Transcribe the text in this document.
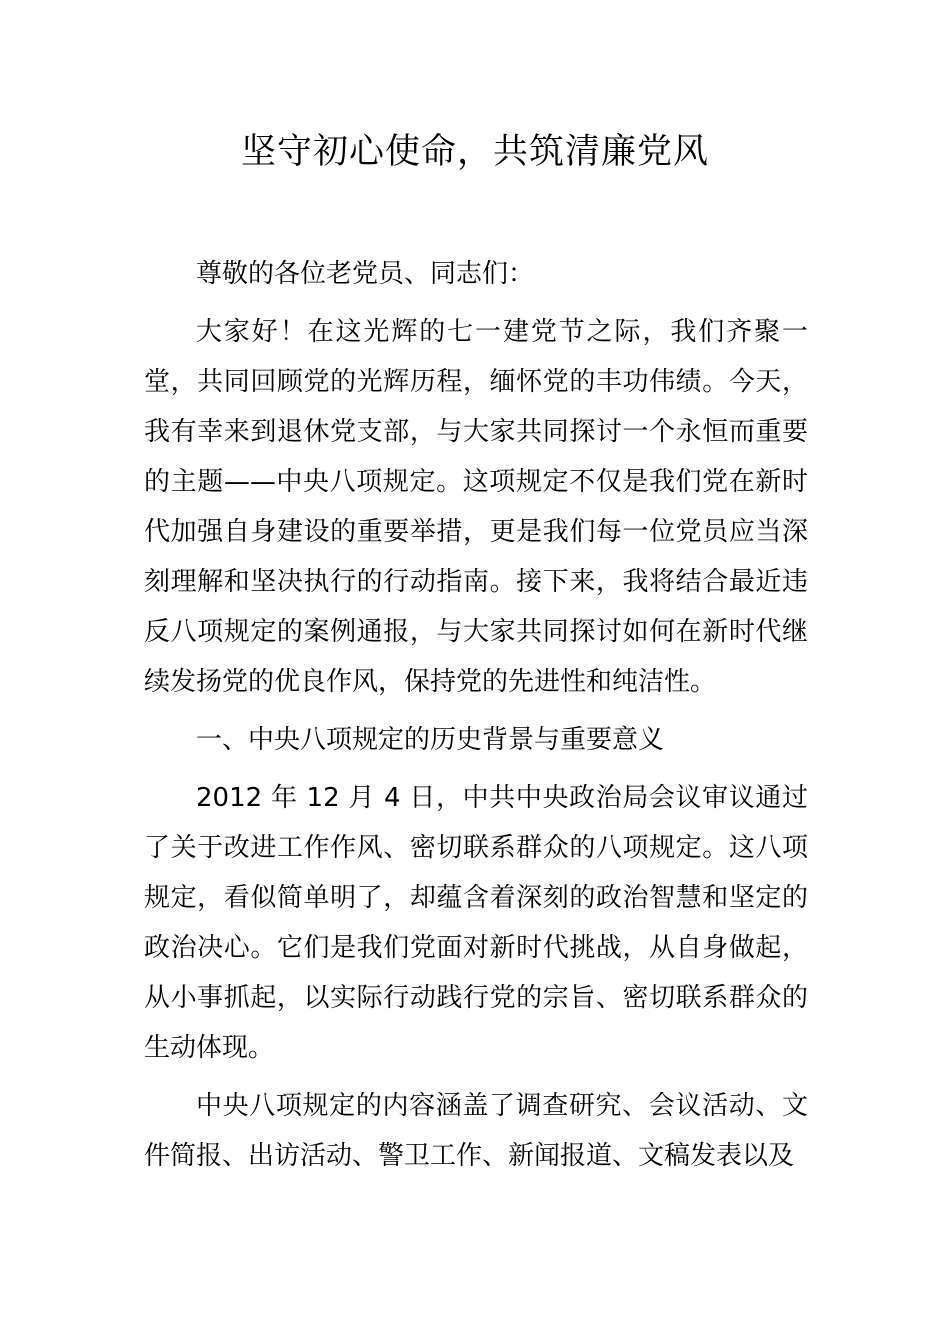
坚守初心使命，共筑清廉党风

尊敬的各位老党员、同志们：

大家好！在这光辉的七一建党节之际，我们齐聚一堂，共同回顾党的光辉历程，缅怀党的丰功伟绩。今天，我有幸来到退休党支部，与大家共同探讨一个永恒而重要的主题——中央八项规定。这项规定不仅是我们党在新时代加强自身建设的重要举措，更是我们每一位党员应当深刻理解和坚决执行的行动指南。接下来，我将结合最近违反八项规定的案例通报，与大家共同探讨如何在新时代继续发扬党的优良作风，保持党的先进性和纯洁性。

一、中央八项规定的历史背景与重要意义

2012 年 12 月 4 日，中共中央政治局会议审议通过了关于改进工作作风、密切联系群众的八项规定。这八项规定，看似简单明了，却蕴含着深刻的政治智慧和坚定的政治决心。它们是我们党面对新时代挑战，从自身做起，从小事抓起，以实际行动践行党的宗旨、密切联系群众的生动体现。

中央八项规定的内容涵盖了调查研究、会议活动、文件简报、出访活动、警卫工作、新闻报道、文稿发表以及
